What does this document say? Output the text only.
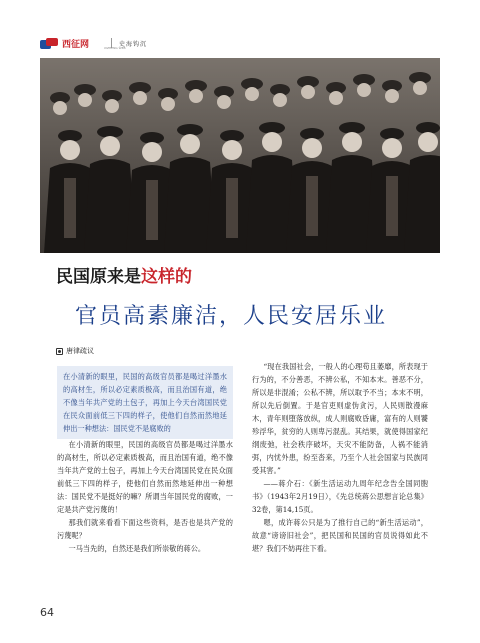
西征网	XIZHENG WEB
史海钩沉
民国原来是这样的
官员高素廉洁，人民安居乐业
唐律疏议
在小清新的眼里，民国的高级官员都是喝过洋墨水的高材生，所以必定素质极高，而且治国有道，绝不像当年共产党的土包子，再加上今天台湾国民党在民众面前低三下四的样子，使他们自然而然地延伸出一种想法：国民党不是腐败的

在小清新的眼里，民国的高级官员都是喝过洋墨水的高材生，所以必定素质极高，而且治国有道，绝不像当年共产党的土包子，再加上今天台湾国民党在民众面前低三下四的样子，使他们自然而然地延伸出一种想法：国民党不是挺好的嘛？所谓当年国民党的腐败，一定是共产党污蔑的！

那我们就来看看下面这些资料，是否也是共产党的污蔑呢？

一马当先的，自然还是我们所崇敬的蒋公。

“现在我国社会，一般人的心理苟且萎靡，所表现于行为的，不分善恶，不辨公私，不知本末。善恶不分，所以是非混淆；公私不辨，所以取予不当；本末不明，所以先后倒置。于是官吏则虚伪贪污，人民则散漫麻木，青年则堕落放纵，成人则腐败昏庸，富有的人则饕殄浮华，贫穷的人则卑污混乱。其结果，就使得国家纪纲废弛，社会秩序破坏，天灾不能防备，人祸不能消弭，内忧外患，纷至沓来，乃至个人社会国家与民族同受其害。”

——蒋介石：《新生活运动九周年纪念告全国同胞书》（1943年2月19日），《先总统蒋公思想言论总集》32卷，第14,15页。

嗯，成许蒋公只是为了推行自己的“新生活运动”，故意“谤谤旧社会”，把民国和民国的官员说得如此不堪？我们不妨再往下看。

64
